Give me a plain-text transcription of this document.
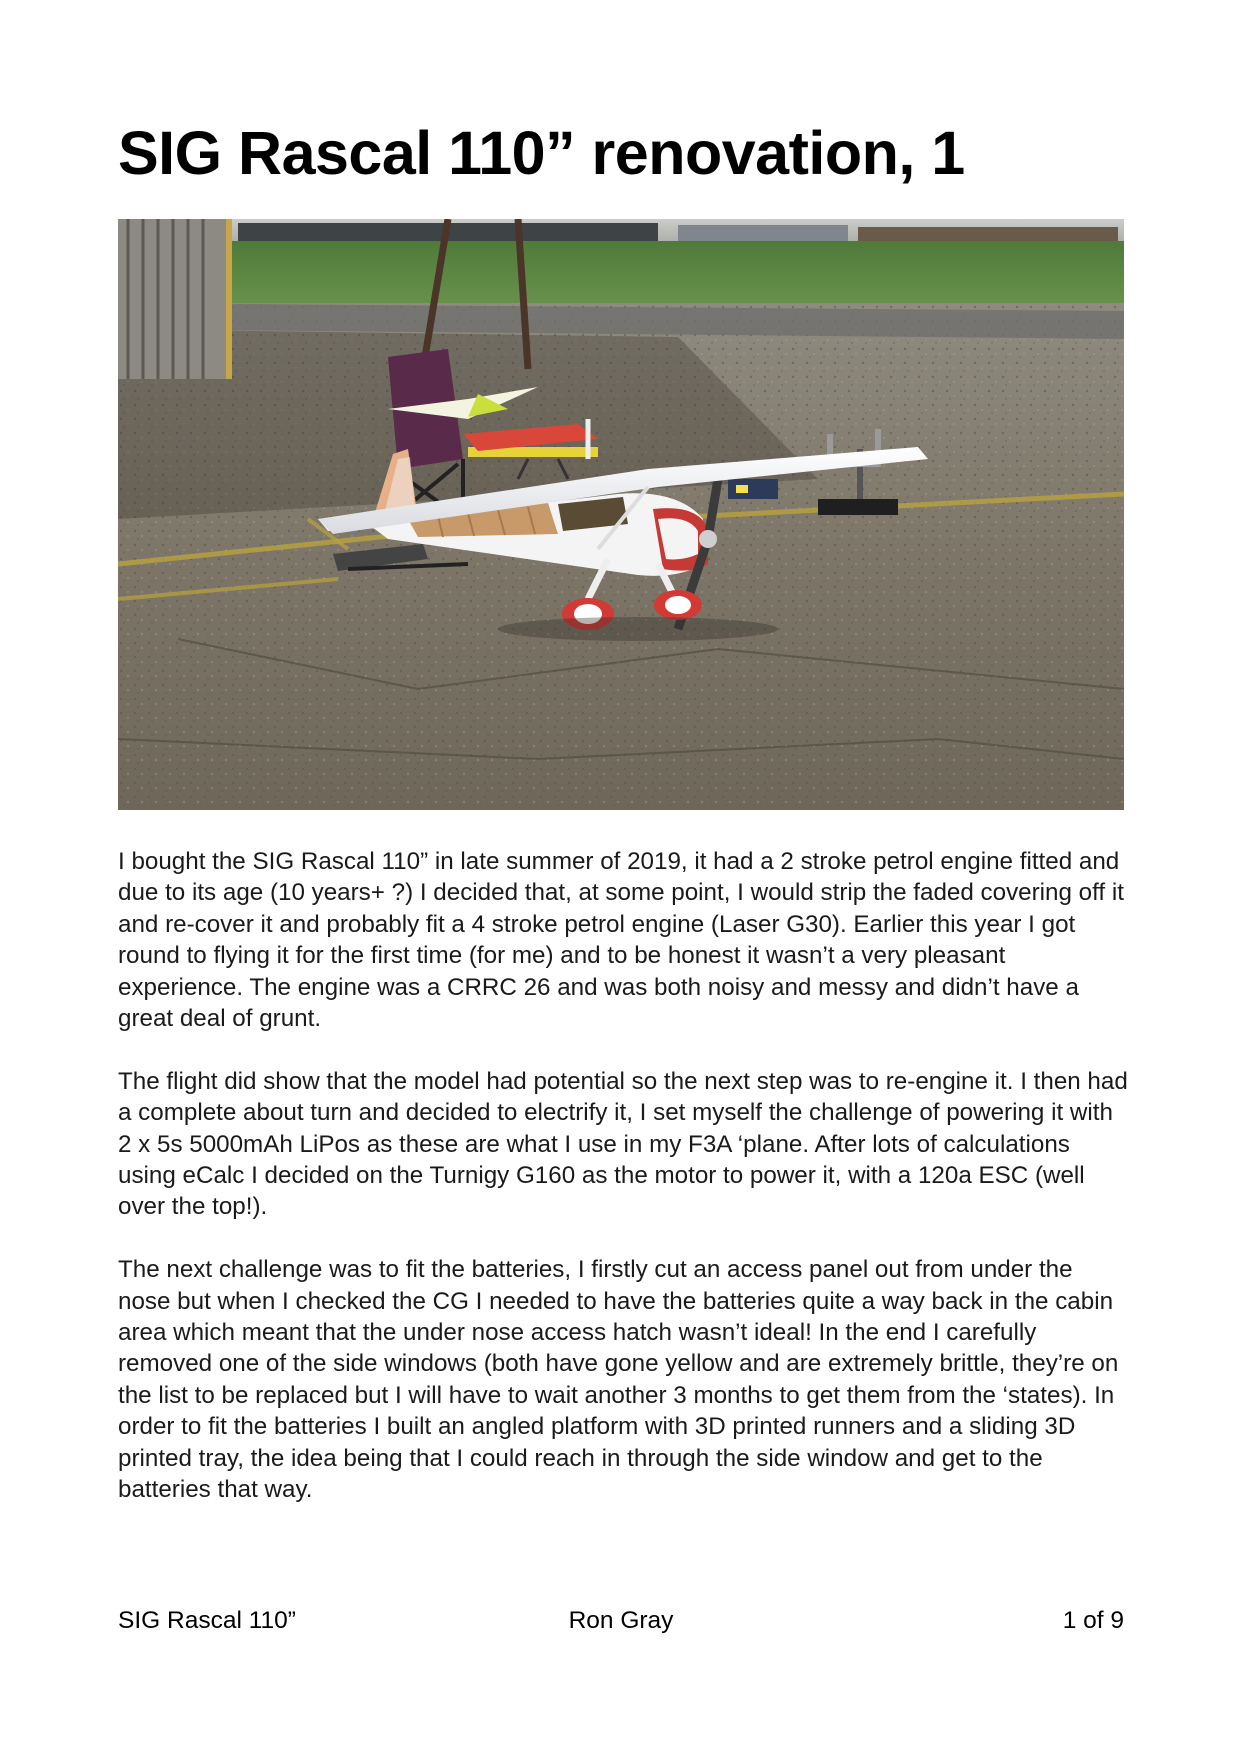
SIG Rascal 110” renovation, 1

I bought the SIG Rascal 110” in late summer of 2019, it had a 2 stroke petrol engine fitted and due to its age (10 years+ ?) I decided that, at some point, I would strip the faded covering off it and re-cover it and probably fit a 4 stroke petrol engine (Laser G30). Earlier this year I got round to flying it for the first time (for me) and to be honest it wasn’t a very pleasant experience. The engine was a CRRC 26 and was both noisy and messy and didn’t have a great deal of grunt.

The flight did show that the model had potential so the next step was to re-engine it. I then had a complete about turn and decided to electrify it, I set myself the challenge of powering it with 2 x 5s 5000mAh LiPos as these are what I use in my F3A ‘plane. After lots of calculations using eCalc I decided on the Turnigy G160 as the motor to power it, with a 120a ESC (well over the top!).

The next challenge was to fit the batteries, I firstly cut an access panel out from under the nose but when I checked the CG I needed to have the batteries quite a way back in the cabin area which meant that the under nose access hatch wasn’t ideal! In the end I carefully removed one of the side windows (both have gone yellow and are extremely brittle, they’re on the list to be replaced but I will have to wait another 3 months to get them from the ‘states). In order to fit the batteries I built an angled platform with 3D printed runners and a sliding 3D printed tray, the idea being that I could reach in through the side window and get to the batteries that way.

SIG Rascal 110”	Ron Gray	1 of 9
